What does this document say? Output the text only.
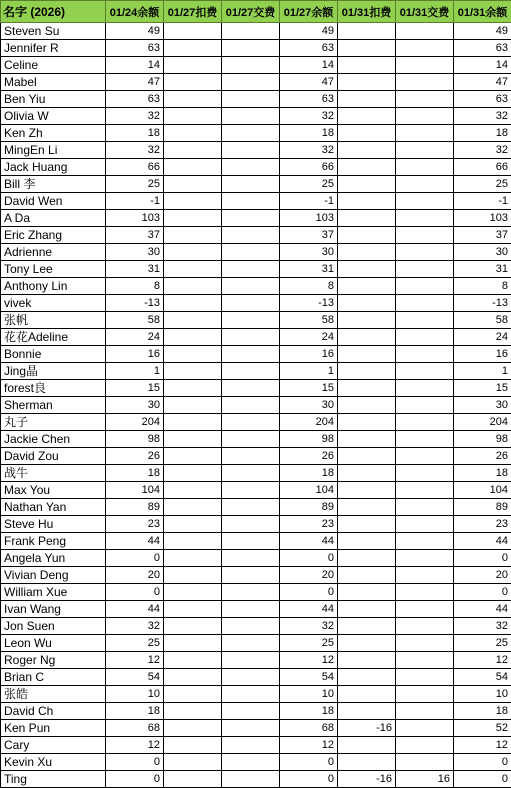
名字 (2026)	01/24余额	01/27扣费	01/27交费	01/27余额	01/31扣费	01/31交费	01/31余额
Steven Su	49			49			49
Jennifer R	63			63			63
Celine	14			14			14
Mabel	47			47			47
Ben Yiu	63			63			63
Olivia W	32			32			32
Ken Zh	18			18			18
MingEn Li	32			32			32
Jack Huang	66			66			66
Bill 李	25			25			25
David Wen	-1			-1			-1
A Da	103			103			103
Eric Zhang	37			37			37
Adrienne	30			30			30
Tony Lee	31			31			31
Anthony Lin	8			8			8
vivek	-13			-13			-13
张帆	58			58			58
花花Adeline	24			24			24
Bonnie	16			16			16
Jing晶	1			1			1
forest良	15			15			15
Sherman	30			30			30
丸子	204			204			204
Jackie Chen	98			98			98
David Zou	26			26			26
战牛	18			18			18
Max You	104			104			104
Nathan Yan	89			89			89
Steve Hu	23			23			23
Frank Peng	44			44			44
Angela Yun	0			0			0
Vivian Deng	20			20			20
William Xue	0			0			0
Ivan Wang	44			44			44
Jon Suen	32			32			32
Leon Wu	25			25			25
Roger Ng	12			12			12
Brian C	54			54			54
张皓	10			10			10
David Ch	18			18			18
Ken Pun	68			68	-16		52
Cary	12			12			12
Kevin Xu	0			0			0
Ting	0			0	-16	16	0
